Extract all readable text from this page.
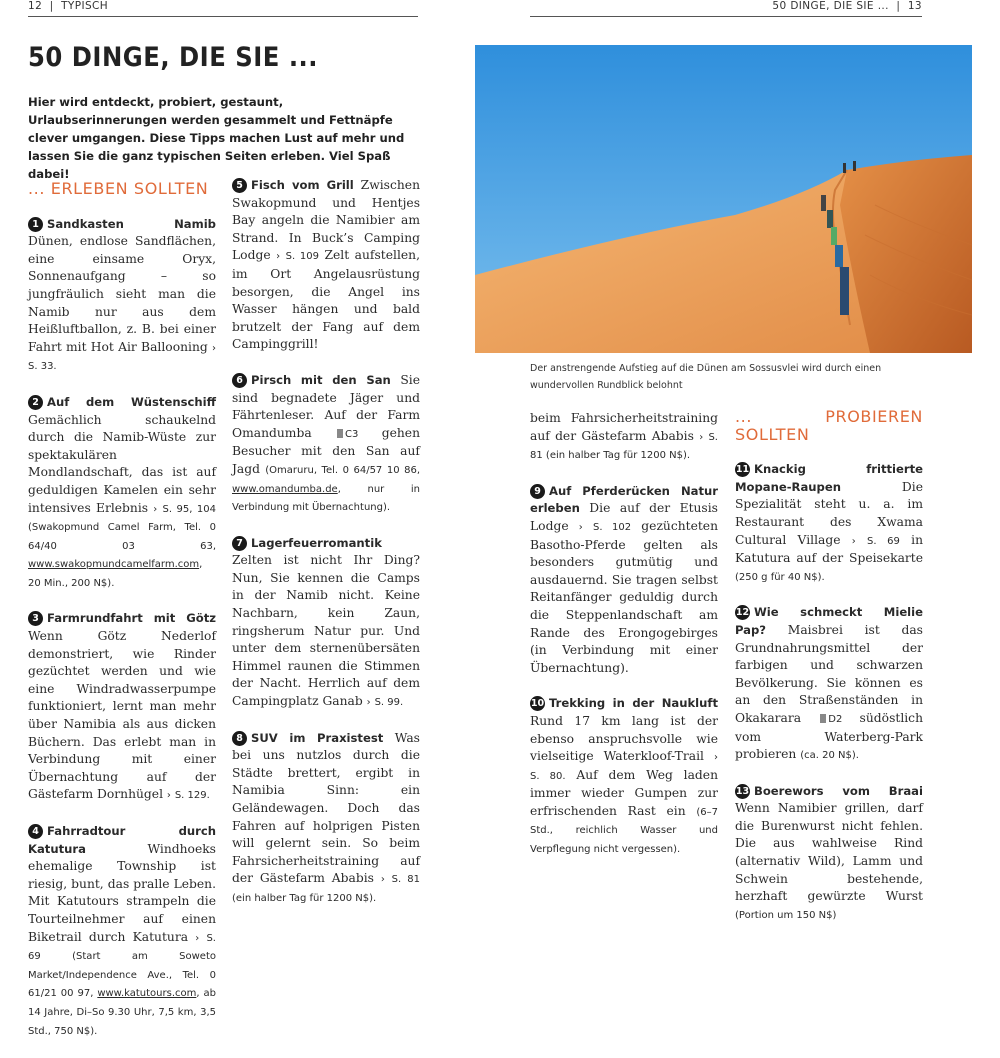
12 | TYPISCH	50 DINGE, DIE SIE ... | 13
50 DINGE, DIE SIE ...

Hier wird entdeckt, probiert, gestaunt, Urlaubserinnerungen werden gesammelt und Fettnäpfe clever umgangen. Diese Tipps machen Lust auf mehr und lassen Sie die ganz typischen Seiten erleben. Viel Spaß dabei!

... ERLEBEN SOLLTEN

1 Sandkasten Namib Dünen, endlose Sandflächen, eine einsame Oryx, Sonnenaufgang – so jungfräulich sieht man die Namib nur aus dem Heißluftballon, z. B. bei einer Fahrt mit Hot Air Ballooning › S. 33.

2 Auf dem Wüstenschiff Gemächlich schaukelnd durch die Namib-Wüste zur spektakulären Mondlandschaft, das ist auf geduldigen Kamelen ein sehr intensives Erlebnis › S. 95, 104 (Swakopmund Camel Farm, Tel. 0 64/40 03 63, www.swakopmundcamelfarm.com, 20 Min., 200 N$).

3 Farmrundfahrt mit Götz Wenn Götz Nederlof demonstriert, wie Rinder gezüchtet werden und wie eine Windradwasserpumpe funktioniert, lernt man mehr über Namibia als aus dicken Büchern. Das erlebt man in Verbindung mit einer Übernachtung auf der Gästefarm Dornhügel › S. 129.

4 Fahrradtour durch Katutura Windhoeks ehemalige Township ist riesig, bunt, das pralle Leben. Mit Katutours strampeln die Tourteilnehmer auf einen Biketrail durch Katutura › S. 69 (Start am Soweto Market/Independence Ave., Tel. 0 61/21 00 97, www.katutours.com, ab 14 Jahre, Di–So 9.30 Uhr, 7,5 km, 3,5 Std., 750 N$).

5 Fisch vom Grill Zwischen Swakopmund und Hentjes Bay angeln die Namibier am Strand. In Buck’s Camping Lodge › S. 109 Zelt aufstellen, im Ort Angelausrüstung besorgen, die Angel ins Wasser hängen und bald brutzelt der Fang auf dem Campinggrill!

6 Pirsch mit den San Sie sind begnadete Jäger und Fährtenleser. Auf der Farm Omandumba C3 gehen Besucher mit den San auf Jagd (Omaruru, Tel. 0 64/57 10 86, www.omandumba.de, nur in Verbindung mit Übernachtung).

7 Lagerfeuerromantik Zelten ist nicht Ihr Ding? Nun, Sie kennen die Camps in der Namib nicht. Keine Nachbarn, kein Zaun, ringsherum Natur pur. Und unter dem sternenübersäten Himmel raunen die Stimmen der Nacht. Herrlich auf dem Campingplatz Ganab › S. 99.

8 SUV im Praxistest Was bei uns nutzlos durch die Städte brettert, ergibt in Namibia Sinn: ein Geländewagen. Doch das Fahren auf holprigen Pisten will gelernt sein. So beim Fahrsicherheitstraining auf der Gästefarm Ababis › S. 81 (ein halber Tag für 1200 N$).

Der anstrengende Aufstieg auf die Dünen am Sossusvlei wird durch einen wundervollen Rundblick belohnt

beim Fahrsicherheitstraining auf der Gästefarm Ababis › S. 81 (ein halber Tag für 1200 N$).

9 Auf Pferderücken Natur erleben Die auf der Etusis Lodge › S. 102 gezüchteten Basotho-Pferde gelten als besonders gutmütig und ausdauernd. Sie tragen selbst Reitanfänger geduldig durch die Steppenlandschaft am Rande des Erongogebirges (in Verbindung mit einer Übernachtung).

10 Trekking in der Naukluft Rund 17 km lang ist der ebenso anspruchsvolle wie vielseitige Waterkloof-Trail › S. 80. Auf dem Weg laden immer wieder Gumpen zur erfrischenden Rast ein (6–7 Std., reichlich Wasser und Verpflegung nicht vergessen).

... PROBIEREN SOLLTEN

11 Knackig frittierte Mopane-Raupen Die Spezialität steht u. a. im Restaurant des Xwama Cultural Village › S. 69 in Katutura auf der Speisekarte (250 g für 40 N$).

12 Wie schmeckt Mielie Pap? Maisbrei ist das Grundnahrungsmittel der farbigen und schwarzen Bevölkerung. Sie können es an den Straßenständen in Okakarara D2 südöstlich vom Waterberg-Park probieren (ca. 20 N$).

13 Boerewors vom Braai Wenn Namibier grillen, darf die Burenwurst nicht fehlen. Die aus wahlweise Rind (alternativ Wild), Lamm und Schwein bestehende, herzhaft gewürzte Wurst (Portion um 150 N$)
